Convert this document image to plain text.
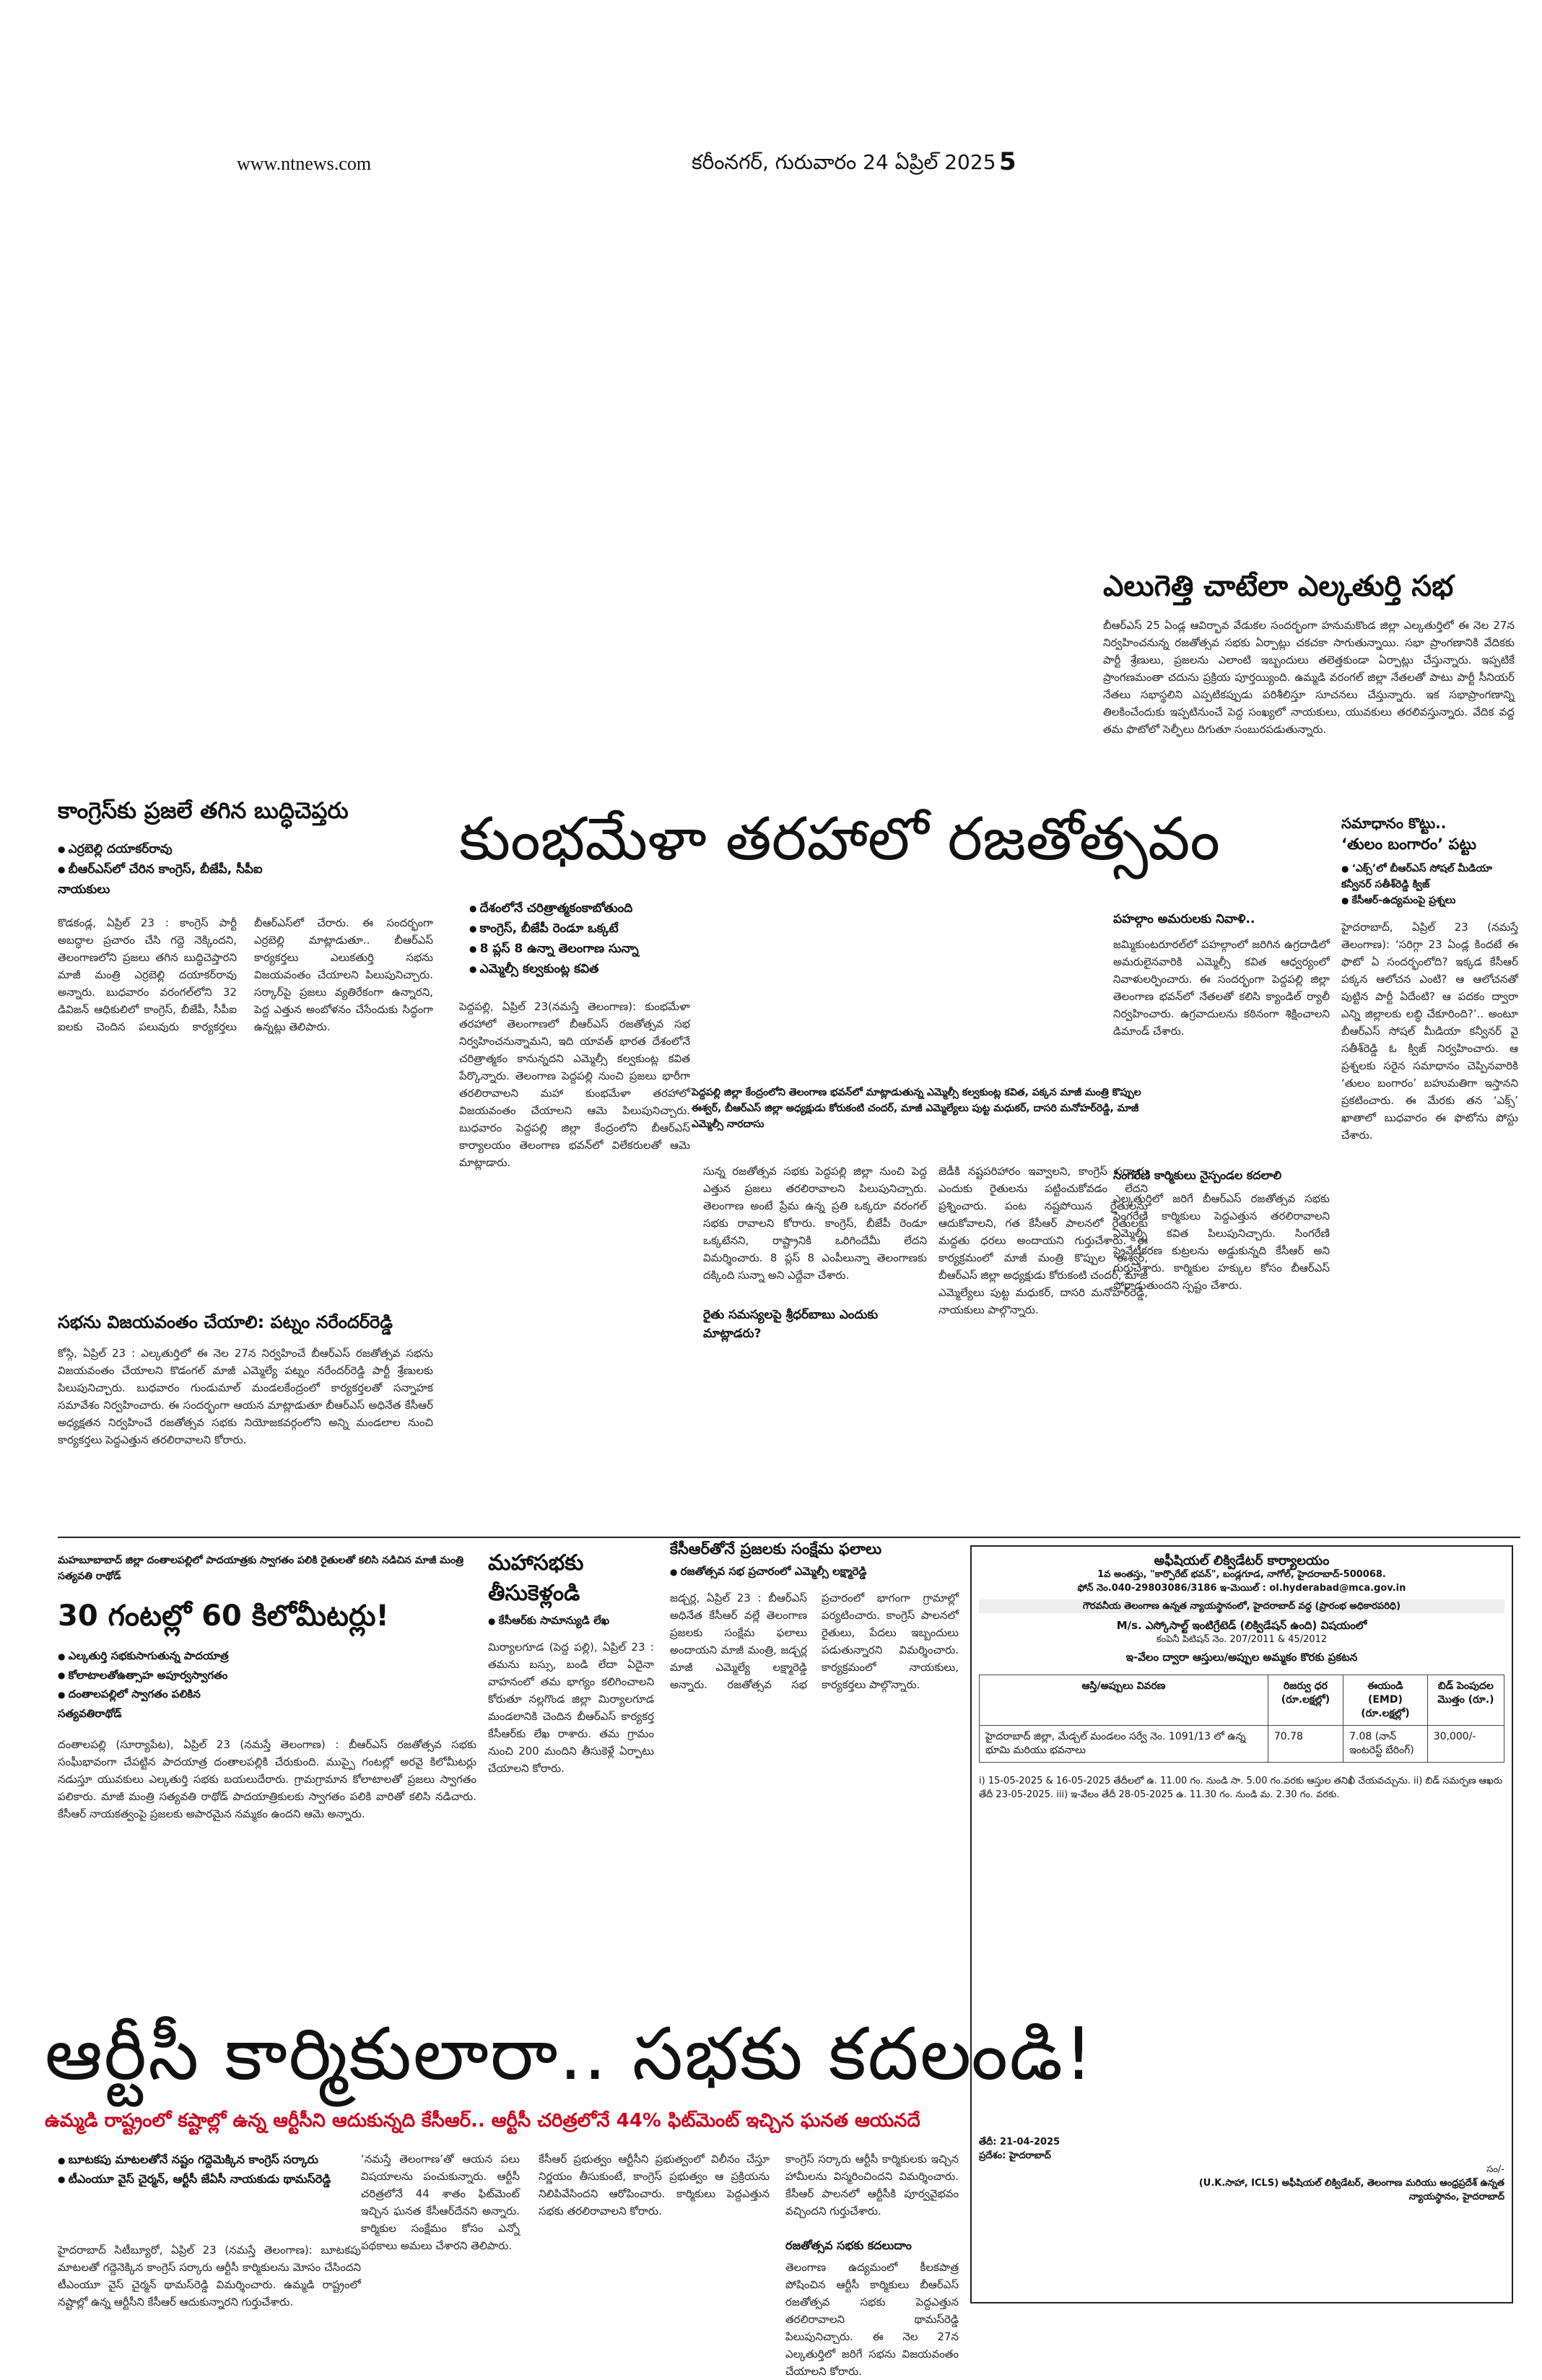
www.ntnews.com	కరీంనగర్, గురువారం 24 ఏప్రిల్ 2025 5
ఎలుగెత్తి చాటేలా ఎల్కతుర్తి సభ
బీఆర్‌ఎస్ 25 ఏండ్ల ఆవిర్భావ వేడుకల సందర్భంగా హనుమకొండ జిల్లా ఎల్కతుర్తిలో ఈ నెల 27న నిర్వహించనున్న రజతోత్సవ సభకు ఏర్పాట్లు చకచకా సాగుతున్నాయి. సభా ప్రాంగణానికి వేదికకు పార్టీ శ్రేణులు, ప్రజలను ఎలాంటి ఇబ్బందులు తలెత్తకుండా ఏర్పాట్లు చేస్తున్నారు. ఇప్పటికే ప్రాంగణమంతా చదును ప్రక్రియ పూర్తయ్యింది. ఉమ్మడి వరంగల్ జిల్లా నేతలతో పాటు పార్టీ సీనియర్ నేతలు సభాస్థలిని ఎప్పటికప్పుడు పరిశీలిస్తూ సూచనలు చేస్తున్నారు. ఇక సభాప్రాంగణాన్ని తిలకించేందుకు ఇప్పటినుంచే పెద్ద సంఖ్యలో నాయకులు, యువకులు తరలివస్తున్నారు. వేదిక వద్ద తమ ఫొటోలో సెల్ఫీలు దిగుతూ సంబురపడుతున్నారు.
కాంగ్రెస్‌కు ప్రజలే తగిన బుద్ధిచెప్తరు
● ఎర్రబెల్లి దయాకర్‌రావు
● బీఆర్‌ఎస్‌లో చేరిన కాంగ్రెస్, బీజేపీ, సీపీఐ నాయకులు
కొడకండ్ల, ఏప్రిల్ 23 : కాంగ్రెస్ పార్టీ అబద్ధాల ప్రచారం చేసి గద్దె నెక్కిందని, తెలంగాణలోని ప్రజలు తగిన బుద్ధిచెప్తారని మాజీ మంత్రి ఎర్రబెల్లి దయాకర్‌రావు అన్నారు. బుధవారం వరంగల్‌లోని 32 డివిజన్ ఆధికులిలో కాంగ్రెస్, బీజేపీ, సీపీఐ ఐలకు చెందిన పలువురు కార్యకర్తలు బీఆర్‌ఎస్‌లో చేరారు. ఈ సందర్భంగా ఎర్రబెల్లి మాట్లాడుతూ.. బీఆర్‌ఎస్ కార్యకర్తలు ఎలుకతుర్తి సభను విజయవంతం చేయాలని పిలుపునిచ్చారు. సర్కార్‌పై ప్రజలు వ్యతిరేకంగా ఉన్నారని, పెద్ద ఎత్తున అంబోళనం చేసేందుకు సిద్ధంగా ఉన్నట్లు తెలిపారు.
సభను విజయవంతం చేయాలి: పట్నం నరేందర్‌రెడ్డి
కోస్గి, ఏప్రిల్ 23 : ఎల్కతుర్తిలో ఈ నెల 27న నిర్వహించే బీఆర్‌ఎస్ రజతోత్సవ సభను విజయవంతం చేయాలని కొడంగల్ మాజీ ఎమ్మెల్యే పట్నం నరేందర్‌రెడ్డి పార్టీ శ్రేణులకు పిలుపునిచ్చారు. బుధవారం గుండుమాల్ మండలకేంద్రంలో కార్యకర్తలతో సన్నాహక సమావేశం నిర్వహించారు. ఈ సందర్భంగా ఆయన మాట్లాడుతూ బీఆర్‌ఎస్ అధినేత కేసీఆర్ అధ్యక్షతన నిర్వహించే రజతోత్సవ సభకు నియోజకవర్గంలోని అన్ని మండలాల నుంచి కార్యకర్తలు పెద్దఎత్తున తరలిరావాలని కోరారు.
కుంభమేళా తరహాలో రజతోత్సవం
● దేశంలోనే చరిత్రాత్మకంకాబోతుంది
● కాంగ్రెస్, బీజేపీ రెండూ ఒక్కటే
● 8 ప్లస్ 8 ఉన్నా తెలంగాణ సున్నా
● ఎమ్మెల్సీ కల్వకుంట్ల కవిత
పెద్దపల్లి, ఏప్రిల్ 23(నమస్తే తెలంగాణ): కుంభమేళా తరహాలో తెలంగాణలో బీఆర్‌ఎస్ రజతోత్సవ సభ నిర్వహించనున్నామని, ఇది యావత్ భారత దేశంలోనే చరిత్రాత్మకం కానున్నదని ఎమ్మెల్సీ కల్వకుంట్ల కవిత పేర్కొన్నారు. తెలంగాణ పెద్దపల్లి నుంచి ప్రజలు భారీగా తరలిరావాలని మహా కుంభమేళా తరహాలో విజయవంతం చేయాలని ఆమె పిలుపునిచ్చారు. బుధవారం పెద్దపల్లి జిల్లా కేంద్రంలోని బీఆర్‌ఎస్ కార్యాలయం తెలంగాణ భవన్‌లో విలేకరులతో ఆమె మాట్లాడారు.
పెద్దపల్లి జిల్లా కేంద్రంలోని తెలంగాణ భవన్‌లో మాట్లాడుతున్న ఎమ్మెల్సీ కల్వకుంట్ల కవిత, పక్కన మాజీ మంత్రి కొప్పుల ఈశ్వర్, బీఆర్‌ఎస్ జిల్లా అధ్యక్షుడు కోరుకంటి చందర్, మాజీ ఎమ్మెల్యేలు పుట్ట మధుకర్, దాసరి మనోహర్‌రెడ్డి, మాజీ ఎమ్మెల్సీ నారదాసు
సున్న రజతోత్సవ సభకు పెద్దపల్లి జిల్లా నుంచి పెద్ద ఎత్తున ప్రజలు తరలిరావాలని పిలుపునిచ్చారు. తెలంగాణ అంటే ప్రేమ ఉన్న ప్రతి ఒక్కరూ వరంగల్ సభకు రావాలని కోరారు. కాంగ్రెస్, బీజేపీ రెండూ ఒక్కటేనని, రాష్ట్రానికి ఒరిగిందేమీ లేదని విమర్శించారు. 8 ప్లస్ 8 ఎంపీలున్నా తెలంగాణకు దక్కింది సున్నా అని ఎద్దేవా చేశారు.
రైతు సమస్యలపై శ్రీధర్‌బాబు ఎందుకు మాట్లాడరు?
జెడీకి నష్టపరిహారం ఇవ్వాలని, కాంగ్రెస్ సర్కారు ఎందుకు రైతులను పట్టించుకోవడం లేదని ప్రశ్నించారు. పంట నష్టపోయిన రైతులను ఆదుకోవాలని, గత కేసీఆర్ పాలనలో రైతులకు మద్దతు ధరలు అందాయని గుర్తుచేశారు. ఈ కార్యక్రమంలో మాజీ మంత్రి కొప్పుల ఈశ్వర్, బీఆర్‌ఎస్ జిల్లా అధ్యక్షుడు కోరుకంటి చందర్, మాజీ ఎమ్మెల్యేలు పుట్ట మధుకర్, దాసరి మనోహర్‌రెడ్డి, నాయకులు పాల్గొన్నారు.
పహల్గాం అమరులకు నివాళి..
జమ్మికుంటరూరల్‌లో పహల్గాంలో జరిగిన ఉగ్రదాడిలో అమరులైనవారికి ఎమ్మెల్సీ కవిత ఆధ్వర్యంలో నివాళులర్పించారు. ఈ సందర్భంగా పెద్దపల్లి జిల్లా తెలంగాణ భవన్‌లో నేతలతో కలిసి క్యాండిల్ ర్యాలీ నిర్వహించారు. ఉగ్రవాదులను కఠినంగా శిక్షించాలని డిమాండ్ చేశారు.
సింగరేణి కార్మికులు నైస్పండల కదలాలి
ఎల్కతుర్తిలో జరిగే బీఆర్‌ఎస్ రజతోత్సవ సభకు సింగరేణి కార్మికులు పెద్దఎత్తున తరలిరావాలని ఎమ్మెల్సీ కవిత పిలుపునిచ్చారు. సింగరేణి ప్రైవేటీకరణ కుట్రలను అడ్డుకున్నది కేసీఆర్ అని గుర్తుచేశారు. కార్మికుల హక్కుల కోసం బీఆర్‌ఎస్ పోరాడుతుందని స్పష్టం చేశారు.
సమాధానం కొట్టు..
‘తులం బంగారం’ పట్టు
● ‘ఎక్స్’లో బీఆర్‌ఎస్ సోషల్ మీడియా కన్వీనర్ సతీశ్‌రెడ్డి క్విజ్
● కేసీఆర్-ఉద్యమంపై ప్రశ్నలు
హైదరాబాద్, ఏప్రిల్ 23 (నమస్తే తెలంగాణ): ‘సరిగ్గా 23 ఏండ్ల కిందటే ఈ ఫొటో ఏ సందర్భంలోది? ఇక్కడ కేసీఆర్ పక్కన ఆలోచన ఎంటి? ఆ ఆలోచనతో పుట్టిన పార్టీ ఏదేంటి? ఆ పదకం ద్వారా ఎన్ని జిల్లాలకు లబ్ధి చేకూరింది?’.. అంటూ బీఆర్‌ఎస్ సోషల్ మీడియా కన్వీనర్ వై సతీశ్‌రెడ్డి ఓ క్విజ్ నిర్వహించారు. ఆ ప్రశ్నలకు సరైన సమాధానం చెప్పినవారికి ‘తులం బంగారం’ బహుమతిగా ఇస్తానని ప్రకటించారు. ఈ మేరకు తన ‘ఎక్స్’ ఖాతాలో బుధవారం ఈ ఫొటోను పోస్టు చేశారు.
మహబూబాబాద్ జిల్లా దంతాలపల్లిలో పాదయాత్రకు స్వాగతం పలికి రైతులతో కలిసి నడిచిన మాజీ మంత్రి సత్యవతి రాథోడ్
30 గంటల్లో 60 కిలోమీటర్లు!
● ఎల్కతుర్తి సభకుసాగుతున్న పాదయాత్ర
● కోలాటాలతోఉత్సాహ అపూర్వస్వాగతం
● దంతాలపల్లిలో స్వాగతం పలికిన సత్యవతిరాథోడ్
దంతాలపల్లి (సూర్యాపేట), ఏప్రిల్ 23 (నమస్తే తెలంగాణ) : బీఆర్‌ఎస్ రజతోత్సవ సభకు సంఘీభావంగా చేపట్టిన పాదయాత్ర దంతాలపల్లికి చేరుకుంది. ముప్పై గంటల్లో అరవై కిలోమీటర్లు నడుస్తూ యువకులు ఎల్కతుర్తి సభకు బయలుదేరారు. గ్రామగ్రామాన కోలాటాలతో ప్రజలు స్వాగతం పలికారు. మాజీ మంత్రి సత్యవతి రాథోడ్ పాదయాత్రికులకు స్వాగతం పలికి వారితో కలిసి నడిచారు. కేసీఆర్ నాయకత్వంపై ప్రజలకు అపారమైన నమ్మకం ఉందని ఆమె అన్నారు.
మహాసభకు తీసుకెళ్లండి
● కేసీఆర్‌కు సామాన్యుడి లేఖ
మిర్యాలగూడ (పెద్ద పల్లి), ఏప్రిల్ 23 : తమను బస్సు, బండి లేదా ఏదైనా వాహనంలో తమ భాగ్యం కలిగించాలని కోరుతూ నల్లగొండ జిల్లా మిర్యాలగూడ మండలానికి చెందిన బీఆర్‌ఎస్ కార్యకర్త కేసీఆర్‌కు లేఖ రాశారు. తమ గ్రామం నుంచి 200 మందిని తీసుకెళ్లే ఏర్పాటు చేయాలని కోరారు.
కేసీఆర్‌తోనే ప్రజలకు సంక్షేమ ఫలాలు
● రజతోత్సవ సభ ప్రచారంలో ఎమ్మెల్సీ లక్ష్మారెడ్డి
జడ్చర్ల, ఏప్రిల్ 23 : బీఆర్‌ఎస్ అధినేత కేసీఆర్ వల్లే తెలంగాణ ప్రజలకు సంక్షేమ ఫలాలు అందాయని మాజీ మంత్రి, జడ్చర్ల మాజీ ఎమ్మెల్యే లక్ష్మారెడ్డి అన్నారు. రజతోత్సవ సభ ప్రచారంలో భాగంగా గ్రామాల్లో పర్యటించారు. కాంగ్రెస్ పాలనలో రైతులు, పేదలు ఇబ్బందులు పడుతున్నారని విమర్శించారు. కార్యక్రమంలో నాయకులు, కార్యకర్తలు పాల్గొన్నారు.
అఫీషియల్ లిక్విడేటర్ కార్యాలయం
1వ అంతస్తు, "కార్పొరేట్ భవన్", బండ్లగూడ, నాగోల్, హైదరాబాద్-500068.
ఫోన్ నెం.040-29803086/3186 ఇ-మెయిల్ : ol.hyderabad@mca.gov.in
గౌరవనీయ తెలంగాణ ఉన్నత న్యాయస్థానంలో, హైదరాబాద్ వద్ద (ప్రారంభ అధికారపరిధి)
M/s. ఎస్కోసాల్ట్ ఇంటిగ్రేటెడ్ (లిక్విడేషన్ ఉంది) విషయంలో
కంపెనీ పిటిషన్ నెం. 207/2011 & 45/2012
ఇ-వేలం ద్వారా ఆస్తులు/అప్పుల అమ్మకం కొరకు ప్రకటన
ఆస్తి/అప్పులు వివరణ	రిజర్వు ధర (రూ.లక్షల్లో)	ఈయండి (EMD) (రూ.లక్షల్లో)	బిడ్ పెంపుదల మొత్తం (రూ.)
హైదరాబాద్ జిల్లా, మేడ్చల్ మండలం సర్వే నెం. 1091/13 లో ఉన్న భూమి మరియు భవనాలు	70.78	7.08 (నాన్ ఇంటరెస్ట్ బేరింగ్)	30,000/-
i) 15-05-2025 & 16-05-2025 తేదీలలో ఉ. 11.00 గం. నుండి సా. 5.00 గం.వరకు ఆస్తుల తనిఖీ చేయవచ్చును. ii) బిడ్ సమర్పణ ఆఖరు తేదీ 23-05-2025. iii) ఇ-వేలం తేదీ 28-05-2025 ఉ. 11.30 గం. నుండి మ. 2.30 గం. వరకు.
తేదీ: 21-04-2025
ప్రదేశం: హైదరాబాద్
సం/-
(U.K.సాహా, ICLS) అఫీషియల్ లిక్విడేటర్, తెలంగాణ మరియు ఆంధ్రప్రదేశ్ ఉన్నత న్యాయస్థానం, హైదరాబాద్
ఆర్టీసీ కార్మికులారా.. సభకు కదలండి!
ఉమ్మడి రాష్ట్రంలో కష్టాల్లో ఉన్న ఆర్టీసీని ఆదుకున్నది కేసీఆర్.. ఆర్టీసీ చరిత్రలోనే 44% ఫిట్‌మెంట్ ఇచ్చిన ఘనత ఆయనదే
● బూటకపు మాటలతోనే నష్టం గద్దెమెక్కిన కాంగ్రెస్ సర్కారు
● టీఎంయూ వైస్ చైర్మన్, ఆర్టీసీ జేఏసీ నాయకుడు థామస్‌రెడ్డి
హైదరాబాద్ సిటీబ్యూరో, ఏప్రిల్ 23 (నమస్తే తెలంగాణ): బూటకపు మాటలతో గద్దెనెక్కిన కాంగ్రెస్ సర్కారు ఆర్టీసీ కార్మికులను మోసం చేసిందని టీఎంయూ వైస్ చైర్మన్ థామస్‌రెడ్డి విమర్శించారు. ఉమ్మడి రాష్ట్రంలో నష్టాల్లో ఉన్న ఆర్టీసీని కేసీఆర్ ఆదుకున్నారని గుర్తుచేశారు.
‘నమస్తే తెలంగాణ’తో ఆయన పలు విషయాలను పంచుకున్నారు. ఆర్టీసీ చరిత్రలోనే 44 శాతం ఫిట్‌మెంట్ ఇచ్చిన ఘనత కేసీఆర్‌దేనని అన్నారు. కార్మికుల సంక్షేమం కోసం ఎన్నో పథకాలు అమలు చేశారని తెలిపారు.
కేసీఆర్ ప్రభుత్వం ఆర్టీసీని ప్రభుత్వంలో విలీనం చేస్తూ నిర్ణయం తీసుకుంటే, కాంగ్రెస్ ప్రభుత్వం ఆ ప్రక్రియను నిలిపివేసిందని ఆరోపించారు. కార్మికులు పెద్దఎత్తున సభకు తరలిరావాలని కోరారు.
కాంగ్రెస్ సర్కారు ఆర్టీసీ కార్మికులకు ఇచ్చిన హామీలను విస్మరించిందని విమర్శించారు. కేసీఆర్ పాలనలో ఆర్టీసీకి పూర్వవైభవం వచ్చిందని గుర్తుచేశారు.
రజతోత్సవ సభకు కదలుదాం
తెలంగాణ ఉద్యమంలో కీలకపాత్ర పోషించిన ఆర్టీసీ కార్మికులు బీఆర్‌ఎస్ రజతోత్సవ సభకు పెద్దఎత్తున తరలిరావాలని థామస్‌రెడ్డి పిలుపునిచ్చారు. ఈ నెల 27న ఎల్కతుర్తిలో జరిగే సభను విజయవంతం చేయాలని కోరారు.
